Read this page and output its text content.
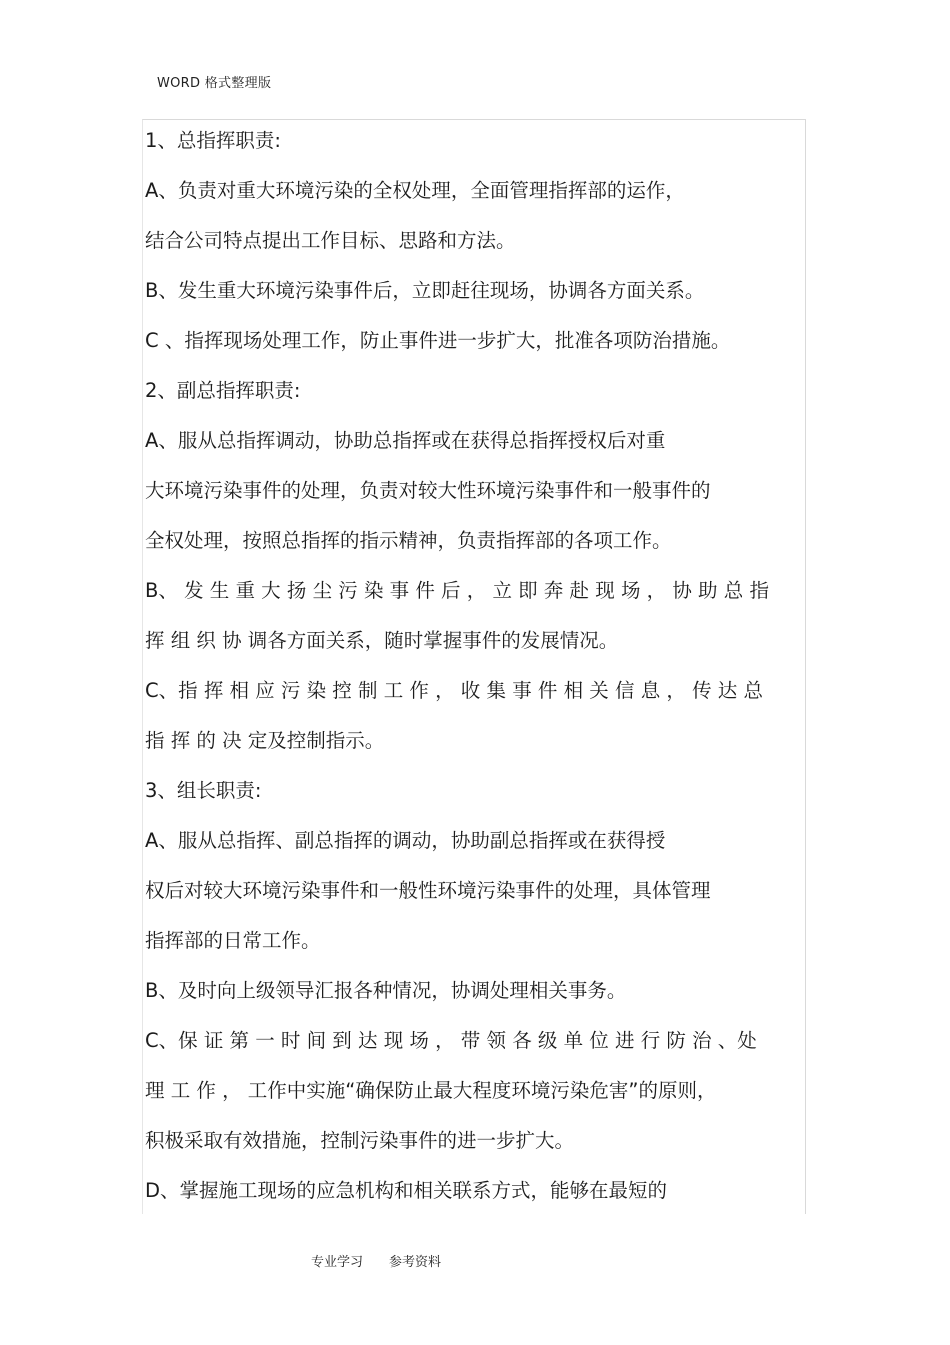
WORD 格式整理版
1、总指挥职责:
A、负责对重大环境污染的全权处理，全面管理指挥部的运作，
结合公司特点提出工作目标、思路和方法。
B、发生重大环境污染事件后，立即赶往现场，协调各方面关系。
C 、指挥现场处理工作，防止事件进一步扩大，批准各项防治措施。
2、副总指挥职责:
A、服从总指挥调动，协助总指挥或在获得总指挥授权后对重
大环境污染事件的处理，负责对较大性环境污染事件和一般事件的
全权处理，按照总指挥的指示精神，负责指挥部的各项工作。
B、 发 生 重 大 扬 尘 污 染 事 件 后 ， 立 即 奔 赴 现 场 ， 协 助 总 指
挥 组 织 协 调各方面关系，随时掌握事件的发展情况。
C、指 挥 相 应 污 染 控 制 工 作 ， 收 集 事 件 相 关 信 息 ， 传 达 总
指 挥 的 决 定及控制指示。
3、组长职责:
A、服从总指挥、副总指挥的调动，协助副总指挥或在获得授
权后对较大环境污染事件和一般性环境污染事件的处理，具体管理
指挥部的日常工作。
B、及时向上级领导汇报各种情况，协调处理相关事务。
C、保 证 第 一 时 间 到 达 现 场 ， 带 领 各 级 单 位 进 行 防 治 、处
理 工 作 ， 工作中实施“确保防止最大程度环境污染危害”的原则，
积极采取有效措施，控制污染事件的进一步扩大。
D、掌握施工现场的应急机构和相关联系方式，能够在最短的
专业学习 参考资料
